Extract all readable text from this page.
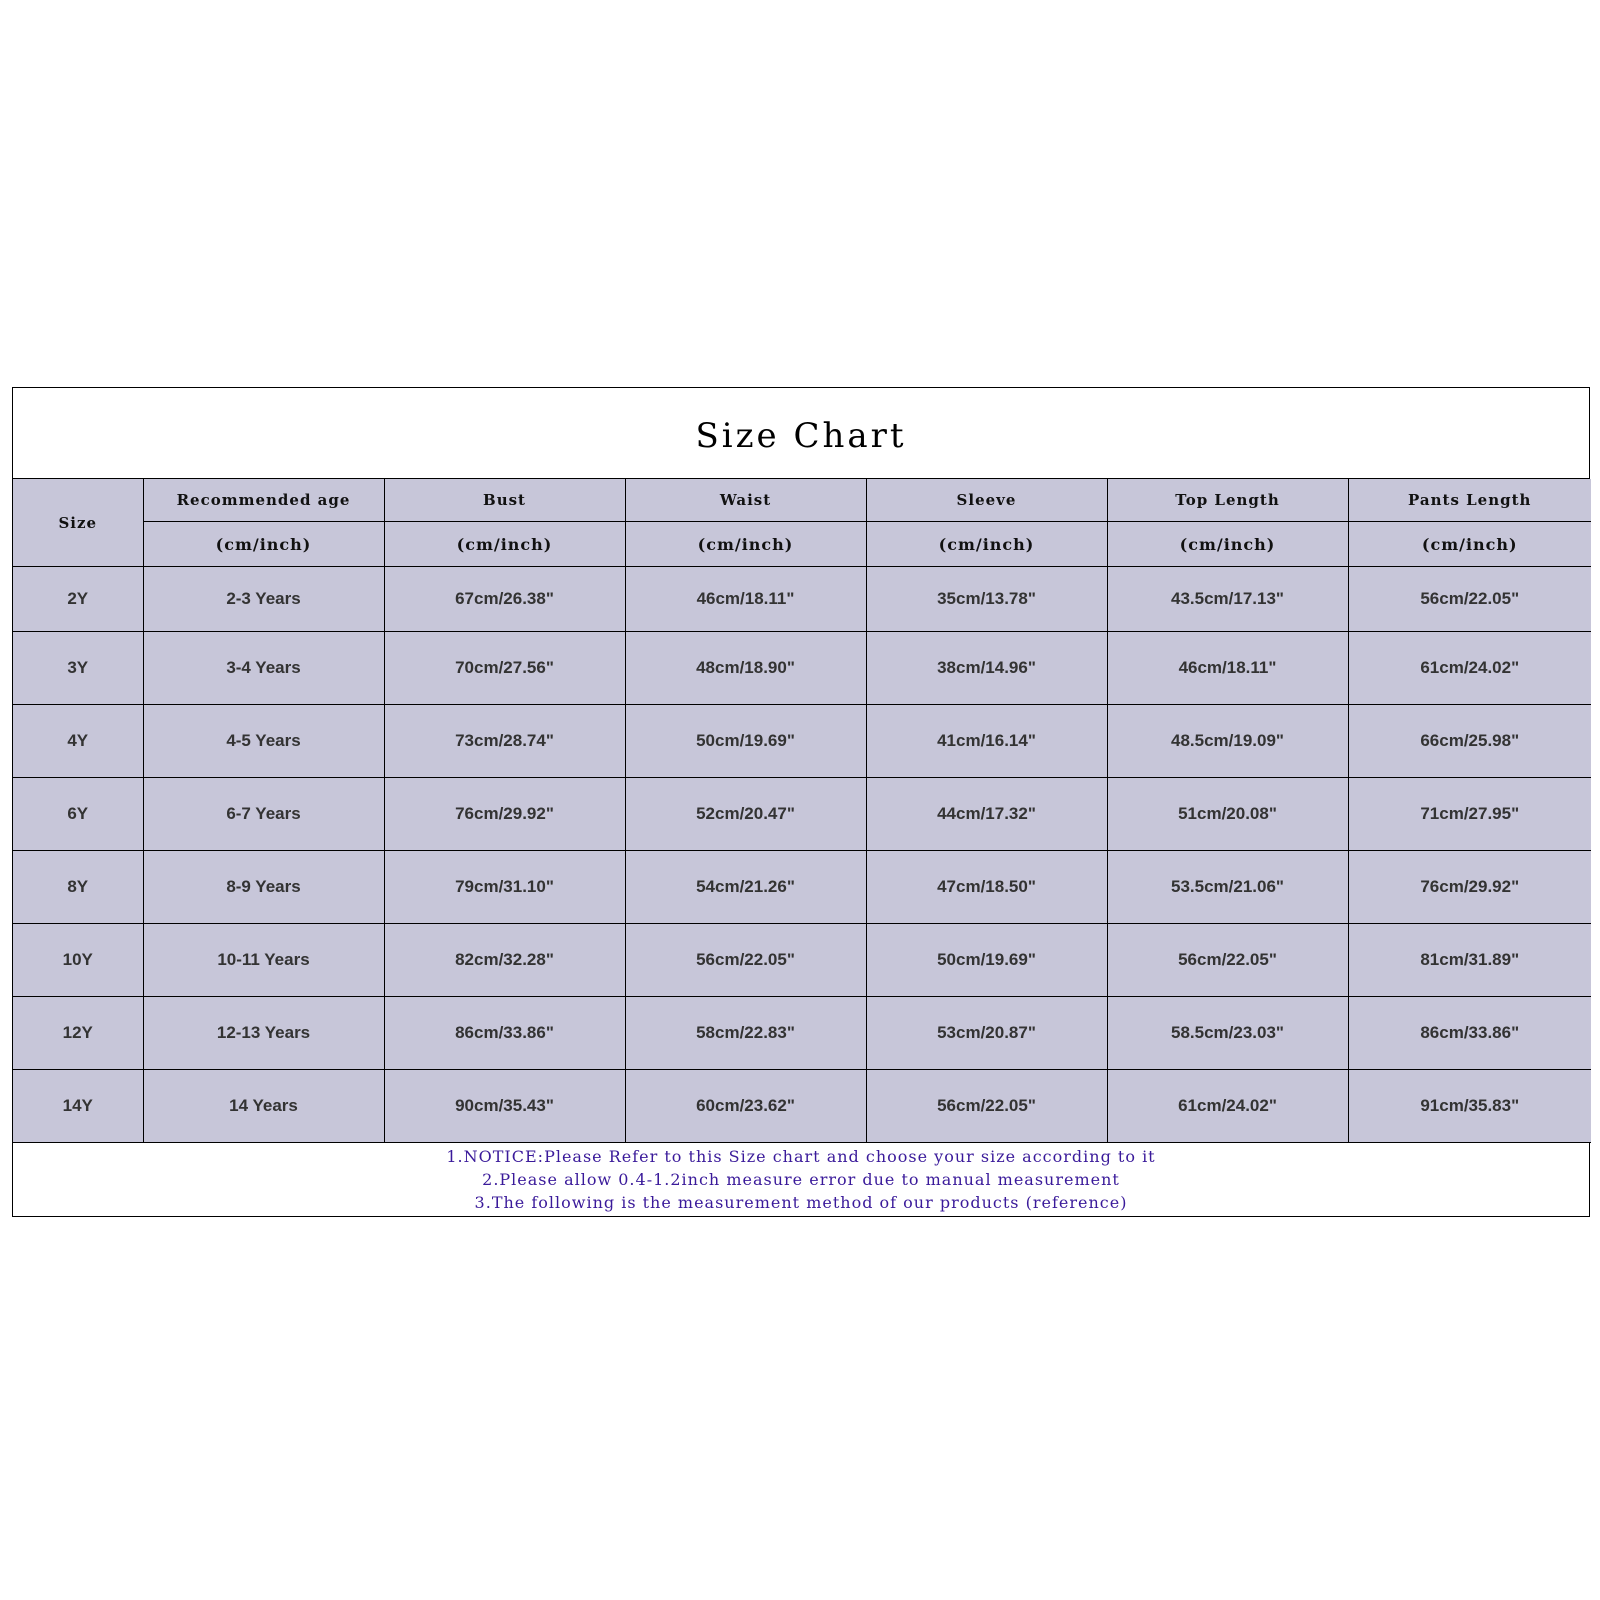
Size Chart
Size	Recommended age	Bust	Waist	Sleeve	Top Length	Pants Length
	(cm/inch)	(cm/inch)	(cm/inch)	(cm/inch)	(cm/inch)	(cm/inch)
2Y	2-3 Years	67cm/26.38"	46cm/18.11"	35cm/13.78"	43.5cm/17.13"	56cm/22.05"
3Y	3-4 Years	70cm/27.56"	48cm/18.90"	38cm/14.96"	46cm/18.11"	61cm/24.02"
4Y	4-5 Years	73cm/28.74"	50cm/19.69"	41cm/16.14"	48.5cm/19.09"	66cm/25.98"
6Y	6-7 Years	76cm/29.92"	52cm/20.47"	44cm/17.32"	51cm/20.08"	71cm/27.95"
8Y	8-9 Years	79cm/31.10"	54cm/21.26"	47cm/18.50"	53.5cm/21.06"	76cm/29.92"
10Y	10-11 Years	82cm/32.28"	56cm/22.05"	50cm/19.69"	56cm/22.05"	81cm/31.89"
12Y	12-13 Years	86cm/33.86"	58cm/22.83"	53cm/20.87"	58.5cm/23.03"	86cm/33.86"
14Y	14 Years	90cm/35.43"	60cm/23.62"	56cm/22.05"	61cm/24.02"	91cm/35.83"
1.NOTICE:Please Refer to this Size chart and choose your size according to it
2.Please allow 0.4-1.2inch measure error due to manual measurement
3.The following is the measurement method of our products (reference)
